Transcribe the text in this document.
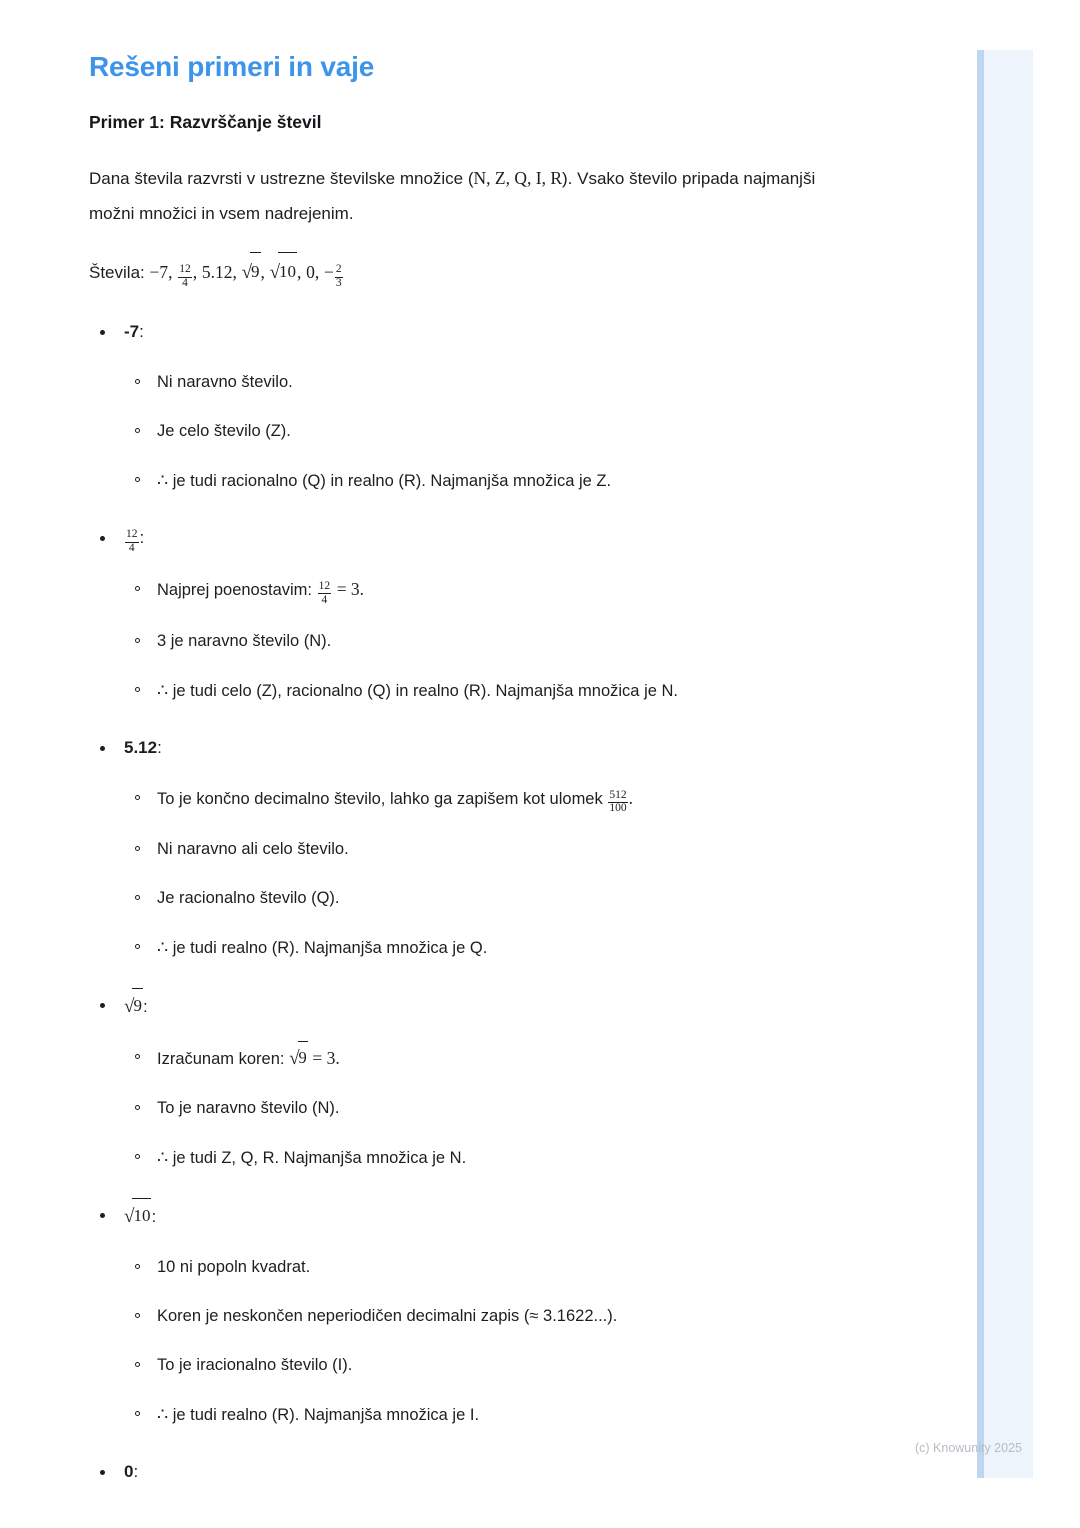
Rešeni primeri in vaje
Primer 1: Razvrščanje števil

Dana števila razvrsti v ustrezne številske množice (N, Z, Q, I, R). Vsako število pripada najmanjši možni množici in vsem nadrejenim.

Števila: −7, $\frac{12}{4}$ , 5.12, √9, √10, 0, − $\frac{2}{3}$

-7:
Ni naravno število.
Je celo število (Z).
∴ je tudi racionalno (Q) in realno (R). Najmanjša množica je Z.
$\frac{12}{4}$ :
Najprej poenostavim: $\frac{12}{4} = 3$.
3 je naravno število (N).
∴ je tudi celo (Z), racionalno (Q) in realno (R). Najmanjša množica je N.
5.12:
To je končno decimalno število, lahko ga zapišem kot ulomek $\frac{512}{100}$ .
Ni naravno ali celo število.
Je racionalno število (Q).
∴ je tudi realno (R). Najmanjša množica je Q.
√9:
Izračunam koren: √9 = 3.
To je naravno število (N).
∴ je tudi Z, Q, R. Najmanjša množica je N.
√10:
10 ni popoln kvadrat.
Koren je neskončen neperiodičen decimalni zapis (≈ 3.1622...).
To je iracionalno število (I).
∴ je tudi realno (R). Najmanjša množica je I.
0:
(c) Knowunity 2025
